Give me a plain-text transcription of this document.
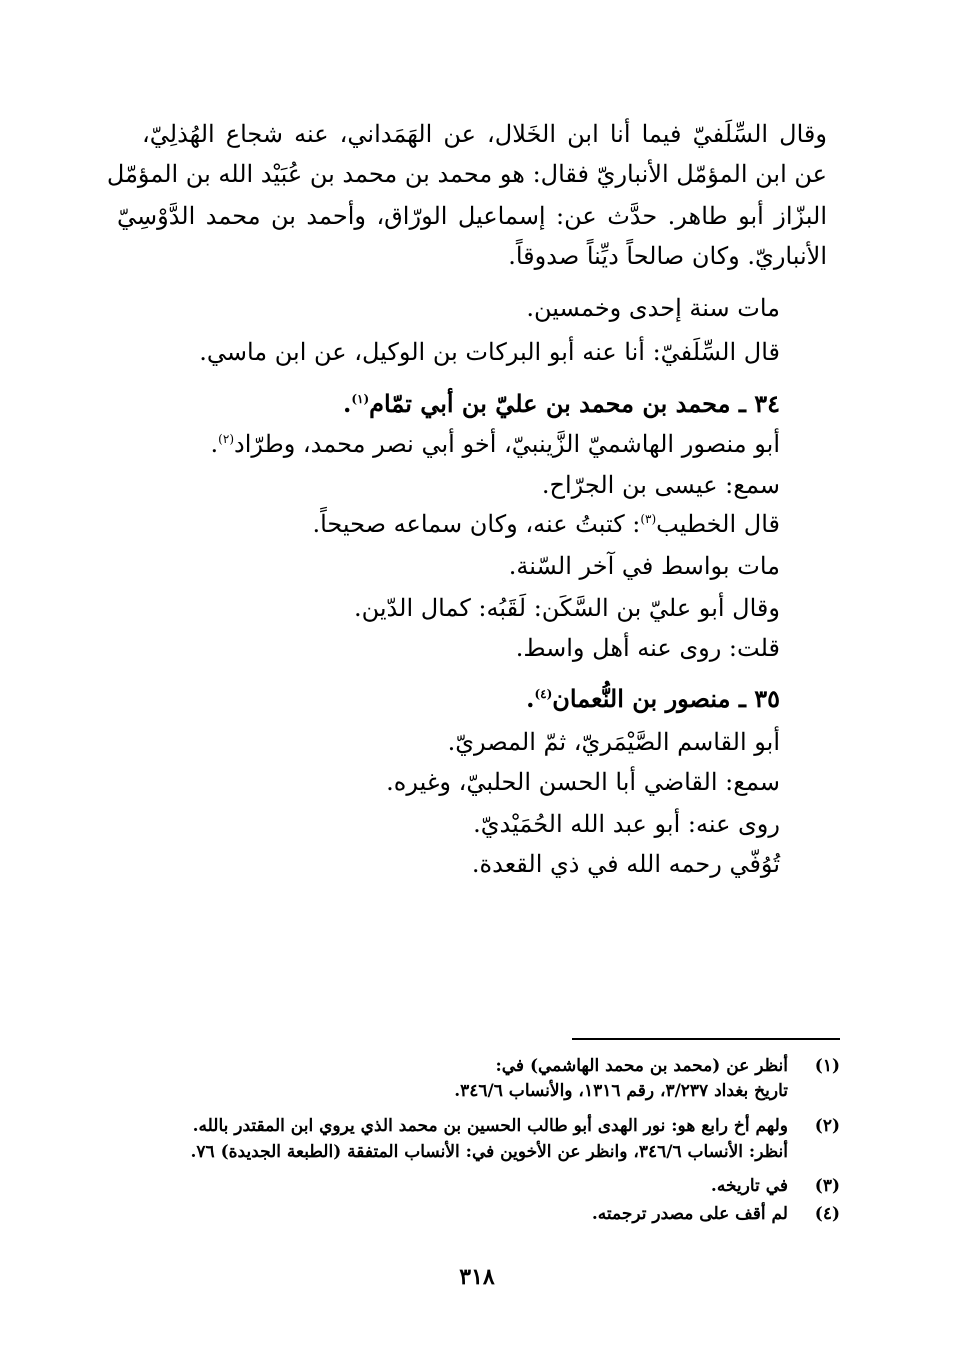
وقال السِّلَفيّ فيما أنا ابن الخَلال، عن الهَمَداني، عنه شجاع الهُذلِيّ،
عن ابن المؤمّل الأنباريّ فقال: هو محمد بن محمد بن عُبَيْد الله بن المؤمّل
البزّاز أبو طاهر. حدَّث عن: إسماعيل الورّاق، وأحمد بن محمد الدَّوْسِيّ
الأنباريّ. وكان صالحاً ديِّناً صدوقاً.
مات سنة إحدى وخمسين.
قال السِّلَفيّ: أنا عنه أبو البركات بن الوكيل، عن ابن ماسي.
٣٤ ـ محمد بن محمد بن عليّ بن أبي تمّام$^{(١)}$.
أبو منصور الهاشميّ الزَّينبيّ، أخو أبي نصر محمد، وطرّاد$^{(٢)}$.
سمع: عيسى بن الجرّاح.
قال الخطيب$^{(٣)}$: كتبتُ عنه، وكان سماعه صحيحاً.
مات بواسط في آخر السّنة.
وقال أبو عليّ بن السَّكَن: لَقَبُه: كمال الدّين.
قلت: روى عنه أهل واسط.
٣٥ ـ منصور بن النُّعمان$^{(٤)}$.
أبو القاسم الصَّيْمَريّ، ثمّ المصريّ.
سمع: القاضي أبا الحسن الحلبيّ، وغيره.
روى عنه: أبو عبد الله الحُمَيْديّ.
تُوُفّي رحمه الله في ذي القعدة.
(١)
أنظر عن (محمد بن محمد الهاشمي) في:
تاريخ بغداد ٣/٢٣٧، رقم ١٣١٦، والأنساب ٣٤٦/٦.
(٢)
ولهم أخ رابع هو: نور الهدى أبو طالب الحسين بن محمد الذي يروي ابن المقتدر بالله.
أنظر: الأنساب ٣٤٦/٦، وانظر عن الأخوين في: الأنساب المتفقة (الطبعة الجديدة) ٧٦.
(٣)
في تاريخه.
(٤)
لم أقف على مصدر ترجمته.
٣١٨
